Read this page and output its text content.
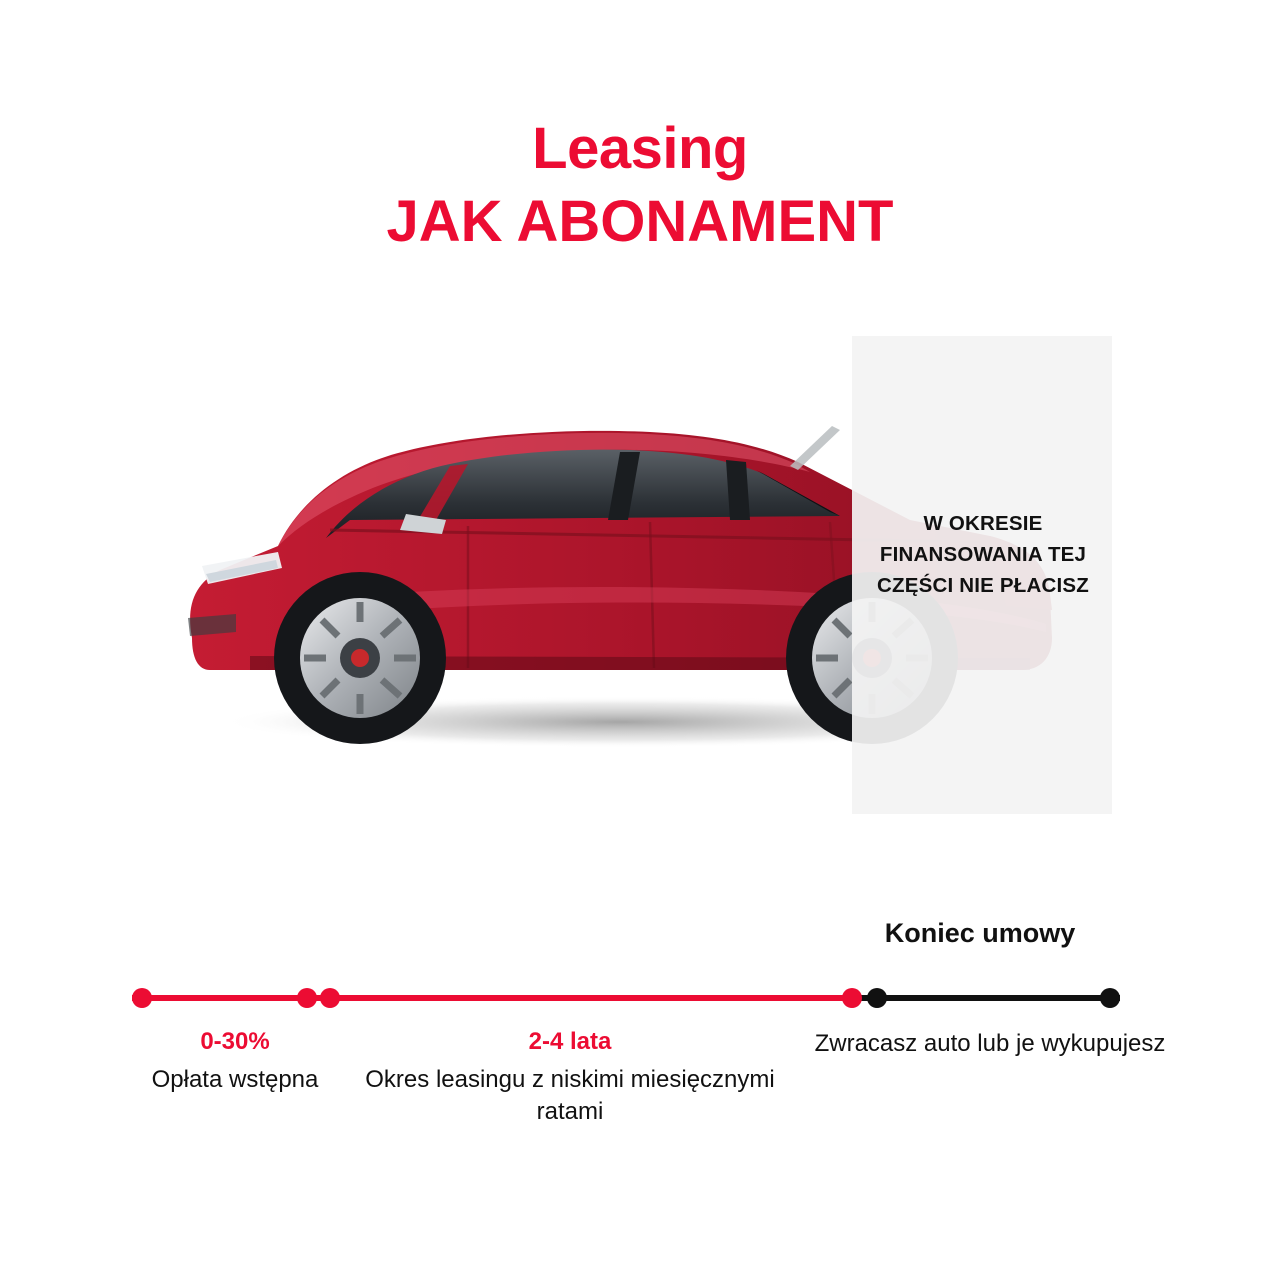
Leasing
JAK ABONAMENT
W OKRESIE FINANSOWANIA TEJ CZĘŚCI NIE PŁACISZ
Koniec umowy
0-30%
Opłata wstępna
2-4 lata
Okres leasingu z niskimi miesięcznymi ratami
Zwracasz auto lub je wykupujesz
